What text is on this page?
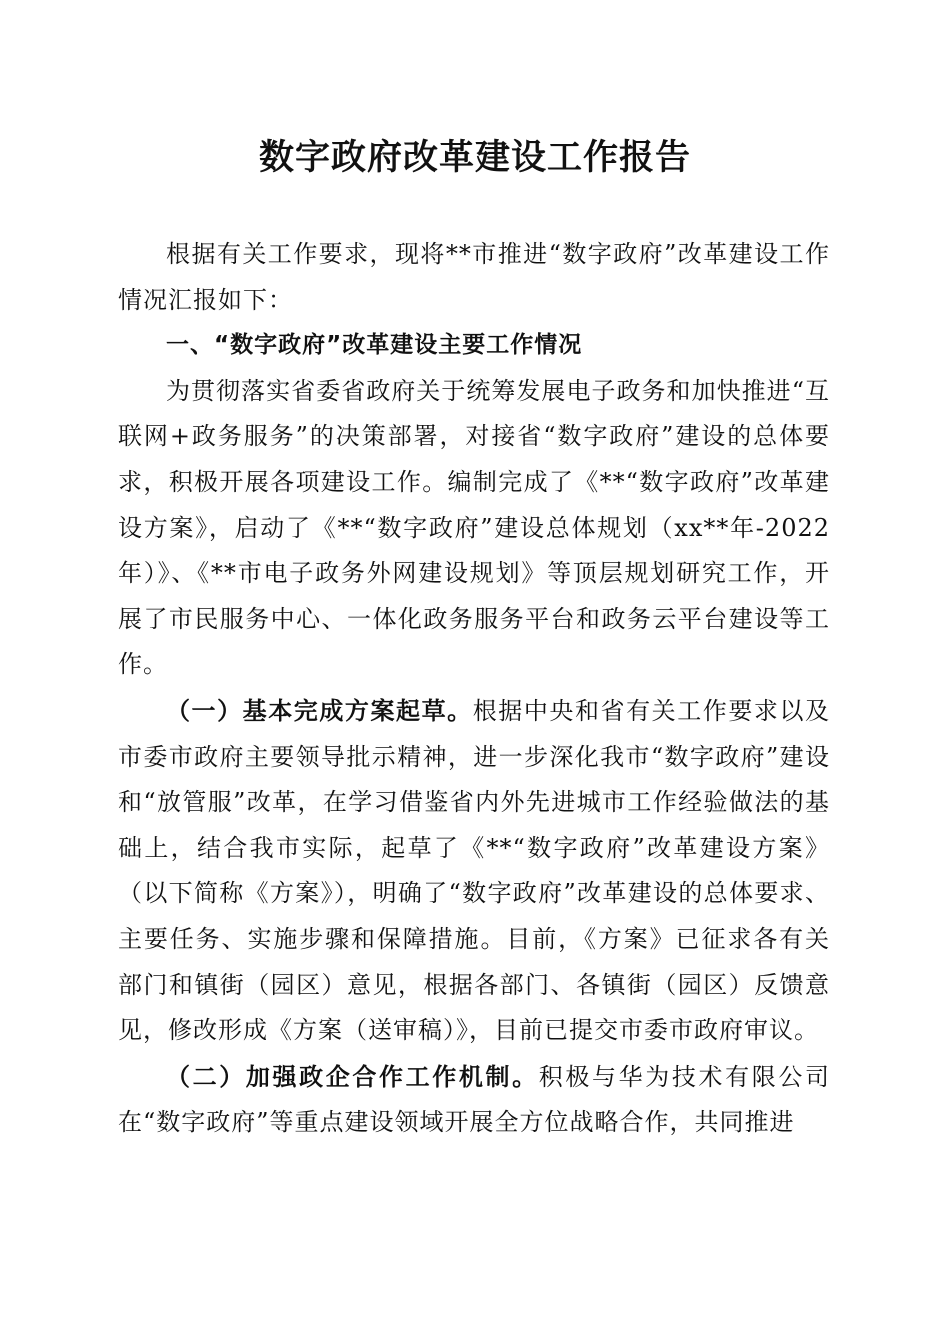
数字政府改革建设工作报告

根据有关工作要求，现将**市推进“数字政府”改革建设工作情况汇报如下：

一、“数字政府”改革建设主要工作情况

为贯彻落实省委省政府关于统筹发展电子政务和加快推进“互联网+政务服务”的决策部署，对接省“数字政府”建设的总体要求，积极开展各项建设工作。编制完成了《**“数字政府”改革建设方案》，启动了《**“数字政府”建设总体规划（xx**年-2022年）》、《**市电子政务外网建设规划》等顶层规划研究工作，开展了市民服务中心、一体化政务服务平台和政务云平台建设等工作。

（一）基本完成方案起草。根据中央和省有关工作要求以及市委市政府主要领导批示精神，进一步深化我市“数字政府”建设和“放管服”改革，在学习借鉴省内外先进城市工作经验做法的基础上，结合我市实际，起草了《**“数字政府”改革建设方案》（以下简称《方案》），明确了“数字政府”改革建设的总体要求、主要任务、实施步骤和保障措施。目前，《方案》已征求各有关部门和镇街（园区）意见，根据各部门、各镇街（园区）反馈意见，修改形成《方案（送审稿）》，目前已提交市委市政府审议。

（二）加强政企合作工作机制。积极与华为技术有限公司在“数字政府”等重点建设领域开展全方位战略合作，共同推进
